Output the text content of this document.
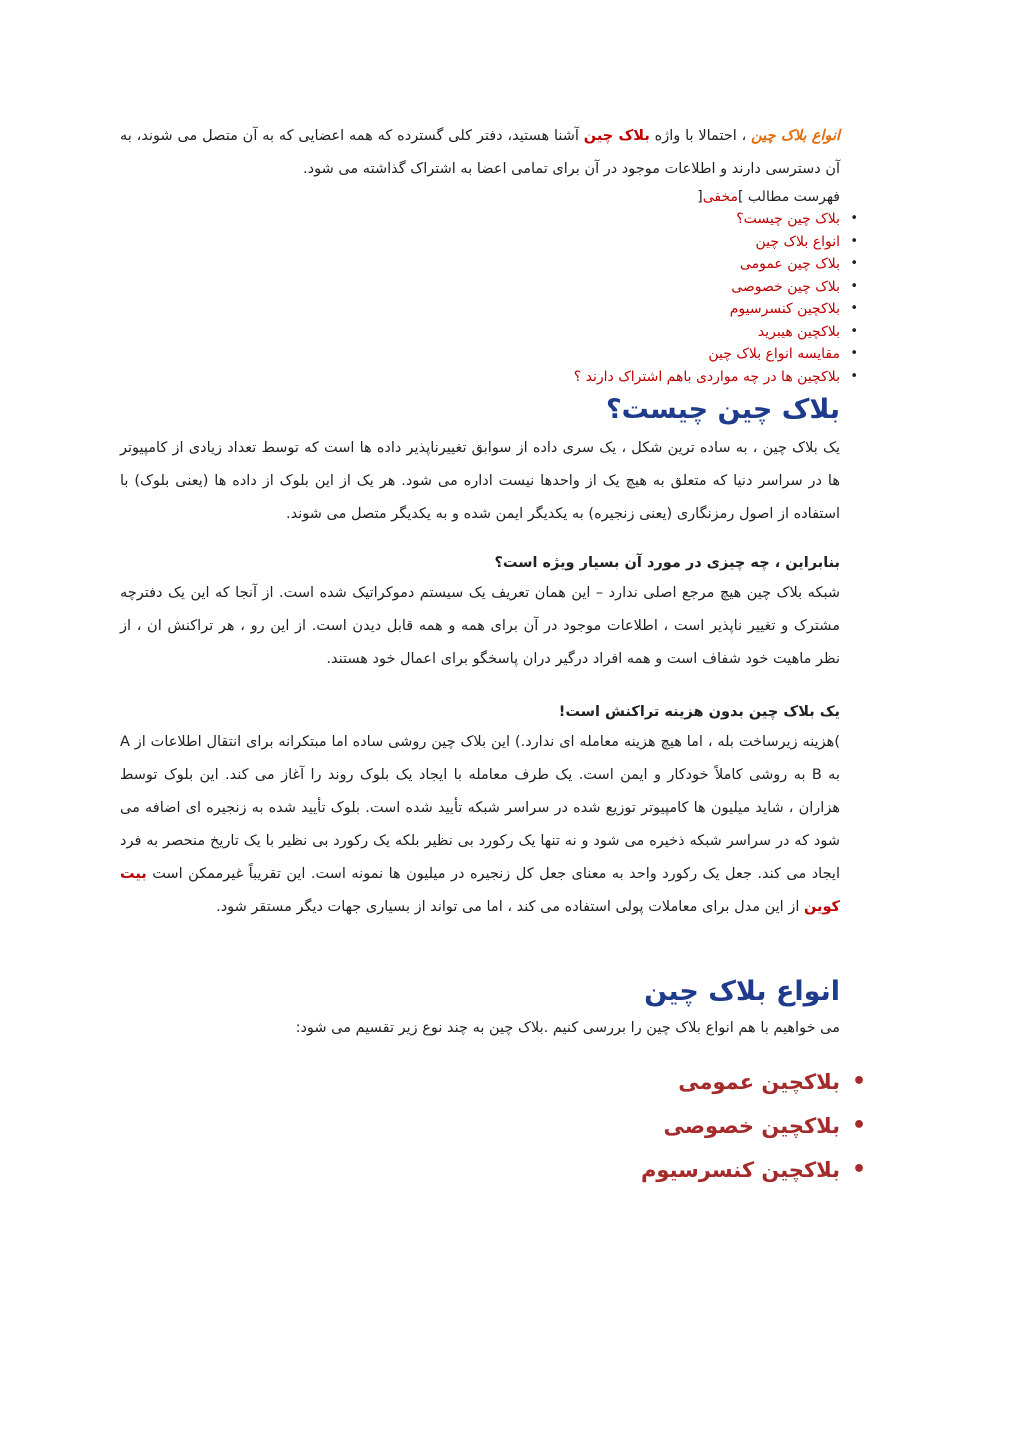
انواع بلاک چین ، احتمالا با واژه بلاک چین آشنا هستید، دفتر کلی گسترده که همه اعضایی که به آن متصل می شوند، به آن دسترسی دارند و اطلاعات موجود در آن برای تمامی اعضا به اشتراک گذاشته می شود.

فهرست مطالب ]مخفی[
• بلاک چین چیست؟
• انواع بلاک چین
• بلاک چین عمومی
• بلاک چین خصوصی
• بلاکچین کنسرسیوم
• بلاکچین هیبرید
• مقایسه انواع بلاک چین
• بلاکچین ها در چه مواردی باهم اشتراک دارند ؟
بلاک چین چیست؟

یک بلاک چین ، به ساده ترین شکل ، یک سری داده از سوابق تغییرناپذیر داده ها است که توسط تعداد زیادی از کامپیوتر ها در سراسر دنیا که متعلق به هیچ یک از واحدها نیست اداره می شود. هر یک از این بلوک از داده ها (یعنی بلوک) با استفاده از اصول رمزنگاری (یعنی زنجیره) به یکدیگر ایمن شده و به یکدیگر متصل می شوند.

بنابراین ، چه چیزی در مورد آن بسیار ویژه است؟

شبکه بلاک چین هیچ مرجع اصلی ندارد – این همان تعریف یک سیستم دموکراتیک شده است. از آنجا که این یک دفترچه مشترک و تغییر ناپذیر است ، اطلاعات موجود در آن برای همه و همه قابل دیدن است. از این رو ، هر تراکنش ان ، از نظر ماهیت خود شفاف است و همه افراد درگیر دران پاسخگو برای اعمال خود هستند.

یک بلاک چین بدون هزینه تراکنش است!

)هزینه زیرساخت بله ، اما هیچ هزینه معامله ای ندارد.) این بلاک چین روشی ساده اما مبتکرانه برای انتقال اطلاعات از A به B به روشی کاملاً خودکار و ایمن است. یک طرف معامله با ایجاد یک بلوک روند را آغاز می کند. این بلوک توسط هزاران ، شاید میلیون ها کامپیوتر توزیع شده در سراسر شبکه تأیید شده است. بلوک تأیید شده به زنجیره ای اضافه می شود که در سراسر شبکه ذخیره می شود و نه تنها یک رکورد بی نظیر بلکه یک رکورد بی نظیر با یک تاریخ منحصر به فرد ایجاد می کند. جعل یک رکورد واحد به معنای جعل کل زنجیره در میلیون ها نمونه است. این تقریباً غیرممکن است بیت کوین از این مدل برای معاملات پولی استفاده می کند ، اما می تواند از بسیاری جهات دیگر مستقر شود.

انواع بلاک چین

می خواهیم با هم انواع بلاک چین را بررسی کنیم .بلاک چین به چند نوع زیر تقسیم می شود:

• بلاکچین عمومی
• بلاکچین خصوصی
• بلاکچین کنسرسیوم
